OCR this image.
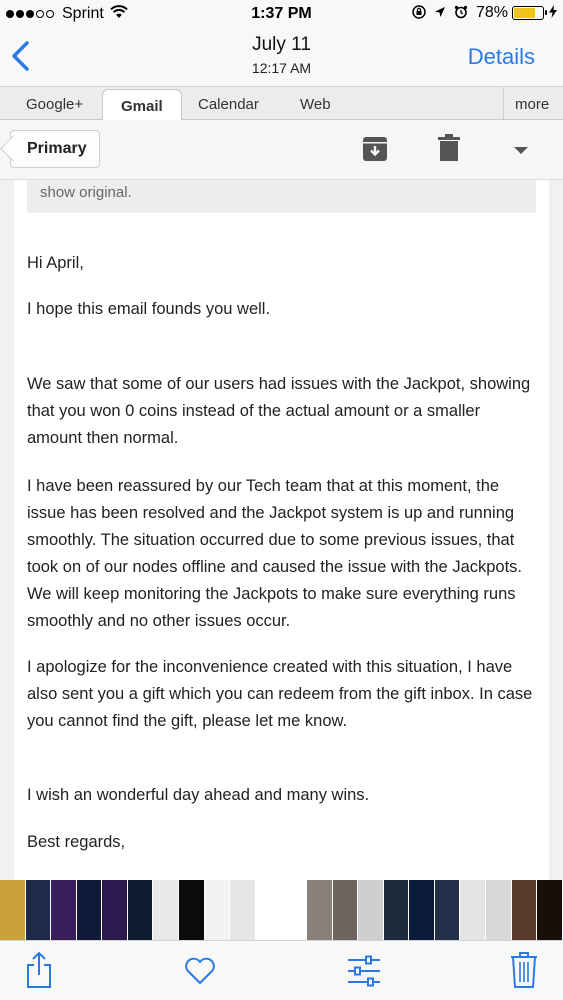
Sprint	1:37 PM	78%
July 11
12:17 AM	Details
Google+	Gmail	Calendar	Web	more
Primary
show original.

Hi April,

I hope this email founds you well.

We saw that some of our users had issues with the Jackpot, showing that you won 0 coins instead of the actual amount or a smaller amount then normal.

I have been reassured by our Tech team that at this moment, the issue has been resolved and the Jackpot system is up and running smoothly. The situation occurred due to some previous issues, that took on of our nodes offline and caused the issue with the Jackpots. We will keep monitoring the Jackpots to make sure everything runs smoothly and no other issues occur.

I apologize for the inconvenience created with this situation, I have also sent you a gift which you can redeem from the gift inbox. In case you cannot find the gift, please let me know.

I wish an wonderful day ahead and many wins.

Best regards,
